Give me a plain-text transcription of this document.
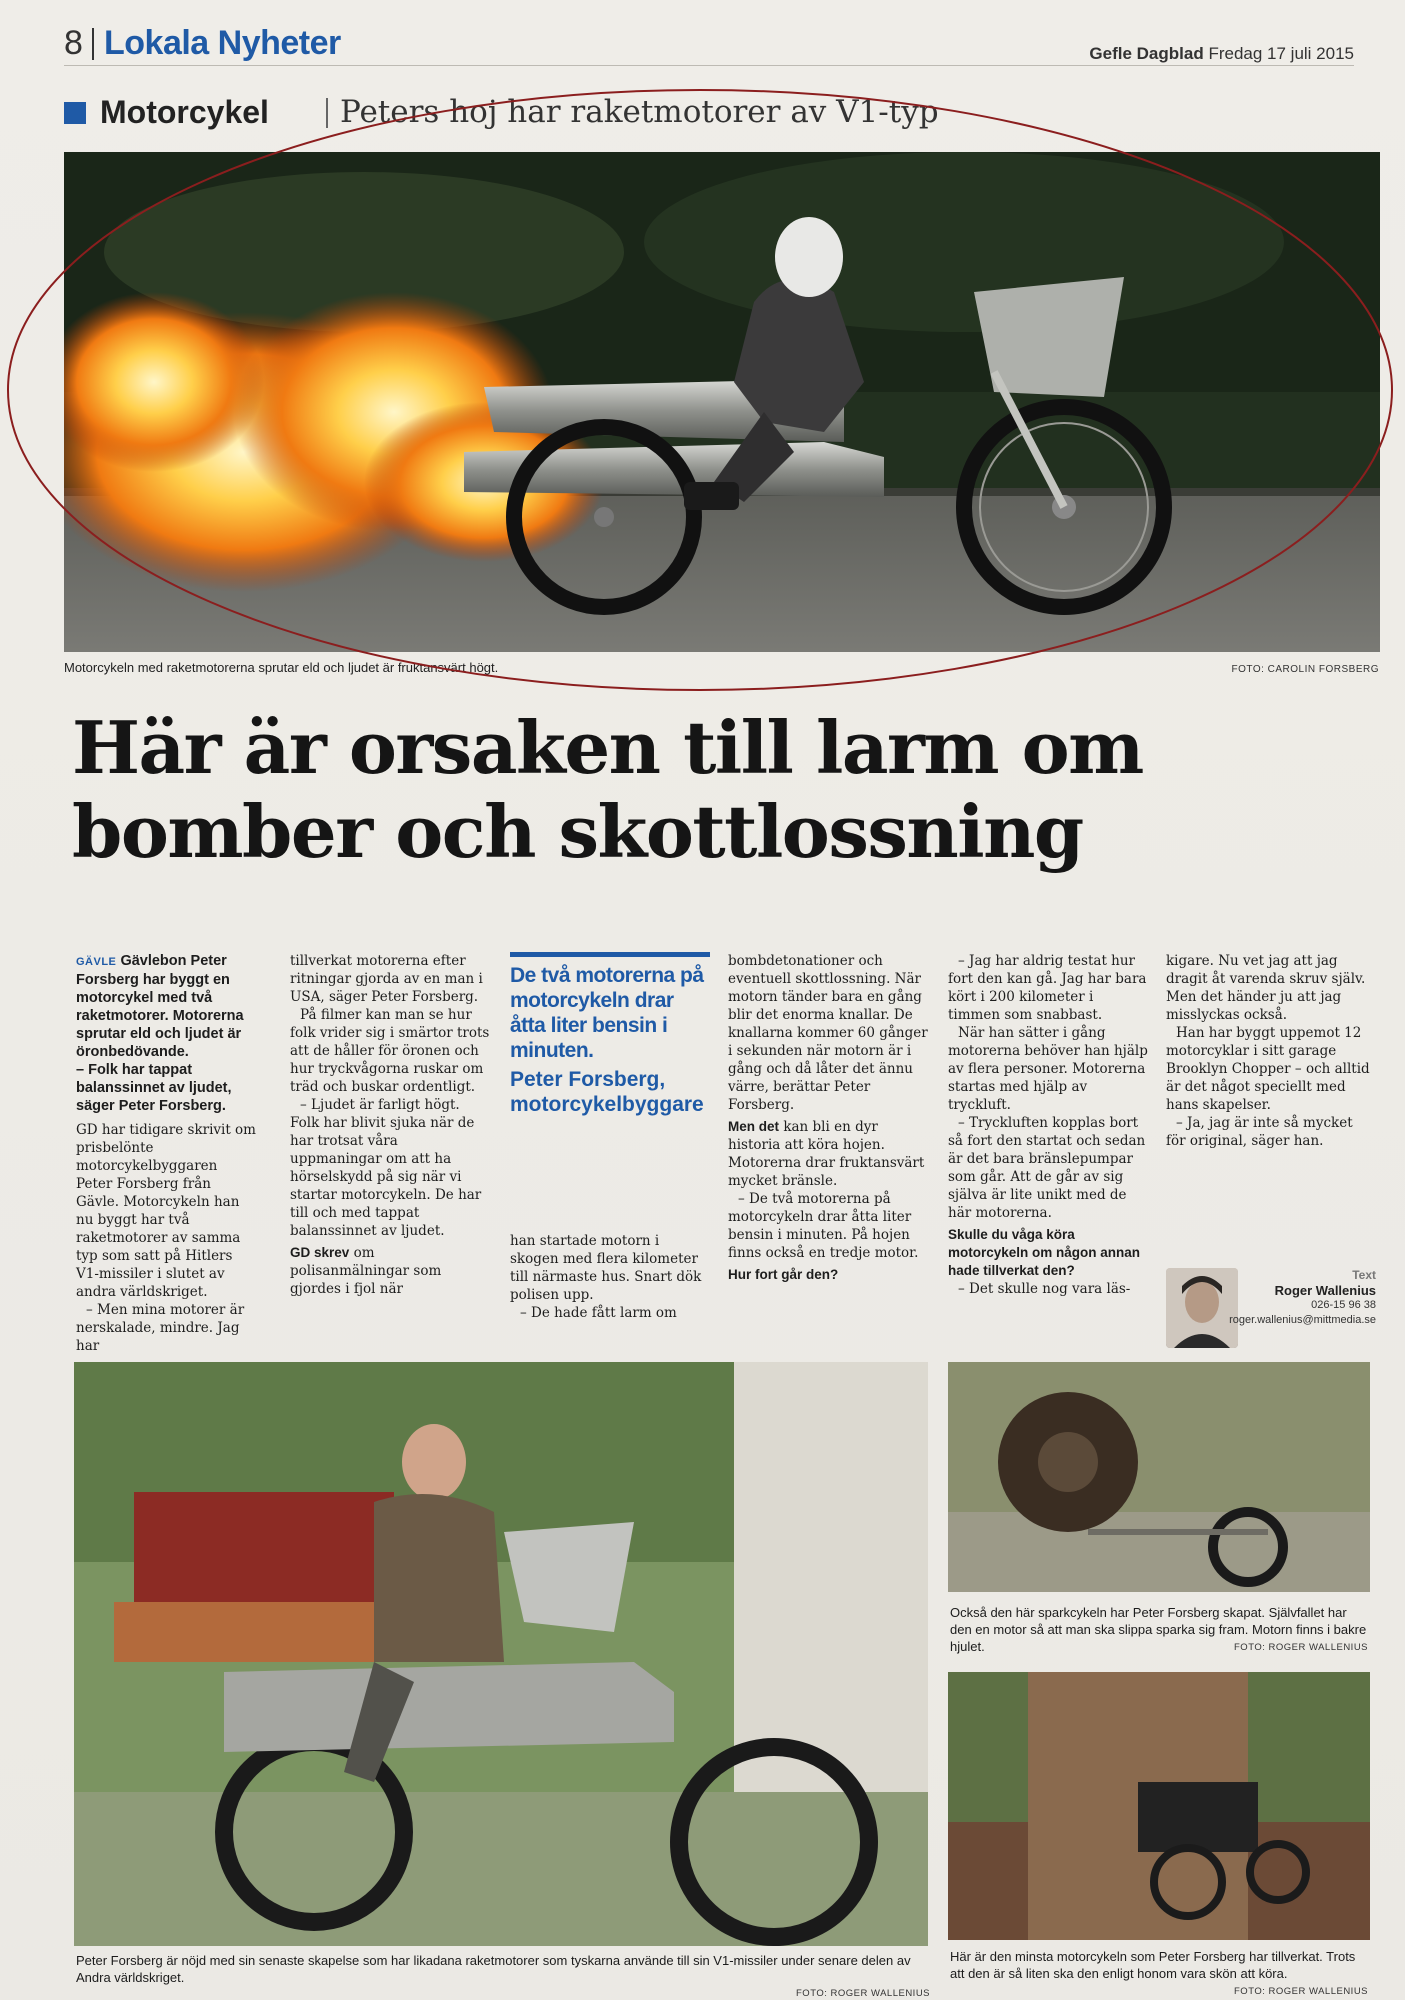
8 Lokala Nyheter	Gefle Dagblad Fredag 17 juli 2015
Motorcykel Peters hoj har raketmotorer av V1-typ
Motorcykeln med raketmotorerna sprutar eld och ljudet är fruktansvärt högt.	FOTO: CAROLIN FORSBERG
Här är orsaken till larm om
bomber och skottlossning

GÄVLE Gävlebon Peter Forsberg har byggt en motorcykel med två raketmotorer. Motorerna sprutar eld och ljudet är öronbedövande.

– Folk har tappat balanssinnet av ljudet, säger Peter Forsberg.

GD har tidigare skrivit om prisbelönte motorcykelbyggaren Peter Forsberg från Gävle. Motorcykeln han nu byggt har två raketmotorer av samma typ som satt på Hitlers V1-missiler i slutet av andra världskriget.

– Men mina motorer är nerskalade, mindre. Jag har

tillverkat motorerna efter ritningar gjorda av en man i USA, säger Peter Forsberg.

På filmer kan man se hur folk vrider sig i smärtor trots att de håller för öronen och hur tryckvågorna ruskar om träd och buskar ordentligt.

– Ljudet är farligt högt. Folk har blivit sjuka när de har trotsat våra uppmaningar om att ha hörselskydd på sig när vi startar motorcykeln. De har till och med tappat balanssinnet av ljudet.

GD skrev om polisanmälningar som gjordes i fjol när

De två motorerna på motorcykeln drar åtta liter bensin i minuten.
Peter Forsberg, motorcykelbyggare

han startade motorn i skogen med flera kilometer till närmaste hus. Snart dök polisen upp.

– De hade fått larm om

bombdetonationer och eventuell skottlossning. När motorn tänder bara en gång blir det enorma knallar. De knallarna kommer 60 gånger i sekunden när motorn är i gång och då låter det ännu värre, berättar Peter Forsberg.

Men det kan bli en dyr historia att köra hojen. Motorerna drar fruktansvärt mycket bränsle.

– De två motorerna på motorcykeln drar åtta liter bensin i minuten. På hojen finns också en tredje motor.

Hur fort går den?

– Jag har aldrig testat hur fort den kan gå. Jag har bara kört i 200 kilometer i timmen som snabbast.

När han sätter i gång motorerna behöver han hjälp av flera personer. Motorerna startas med hjälp av tryckluft.

– Tryckluften kopplas bort så fort den startat och sedan är det bara bränslepumpar som går. Att de går av sig själva är lite unikt med de här motorerna.

Skulle du våga köra motorcykeln om någon annan hade tillverkat den?

– Det skulle nog vara läs-

kigare. Nu vet jag att jag dragit åt varenda skruv själv. Men det händer ju att jag misslyckas också.

Han har byggt uppemot 12 motorcyklar i sitt garage Brooklyn Chopper – och alltid är det något speciellt med hans skapelser.

– Ja, jag är inte så mycket för original, säger han.

Text
Roger Wallenius
026-15 96 38
roger.wallenius@mittmedia.se
Peter Forsberg är nöjd med sin senaste skapelse som har likadana raketmotorer som tyskarna använde till sin V1-missiler under senare delen av Andra världskriget.
FOTO: ROGER WALLENIUS
Också den här sparkcykeln har Peter Forsberg skapat. Självfallet har den en motor så att man ska slippa sparka sig fram. Motorn finns i bakre hjulet.	FOTO: ROGER WALLENIUS
Här är den minsta motorcykeln som Peter Forsberg har tillverkat. Trots att den är så liten ska den enligt honom vara skön att köra.
FOTO: ROGER WALLENIUS
